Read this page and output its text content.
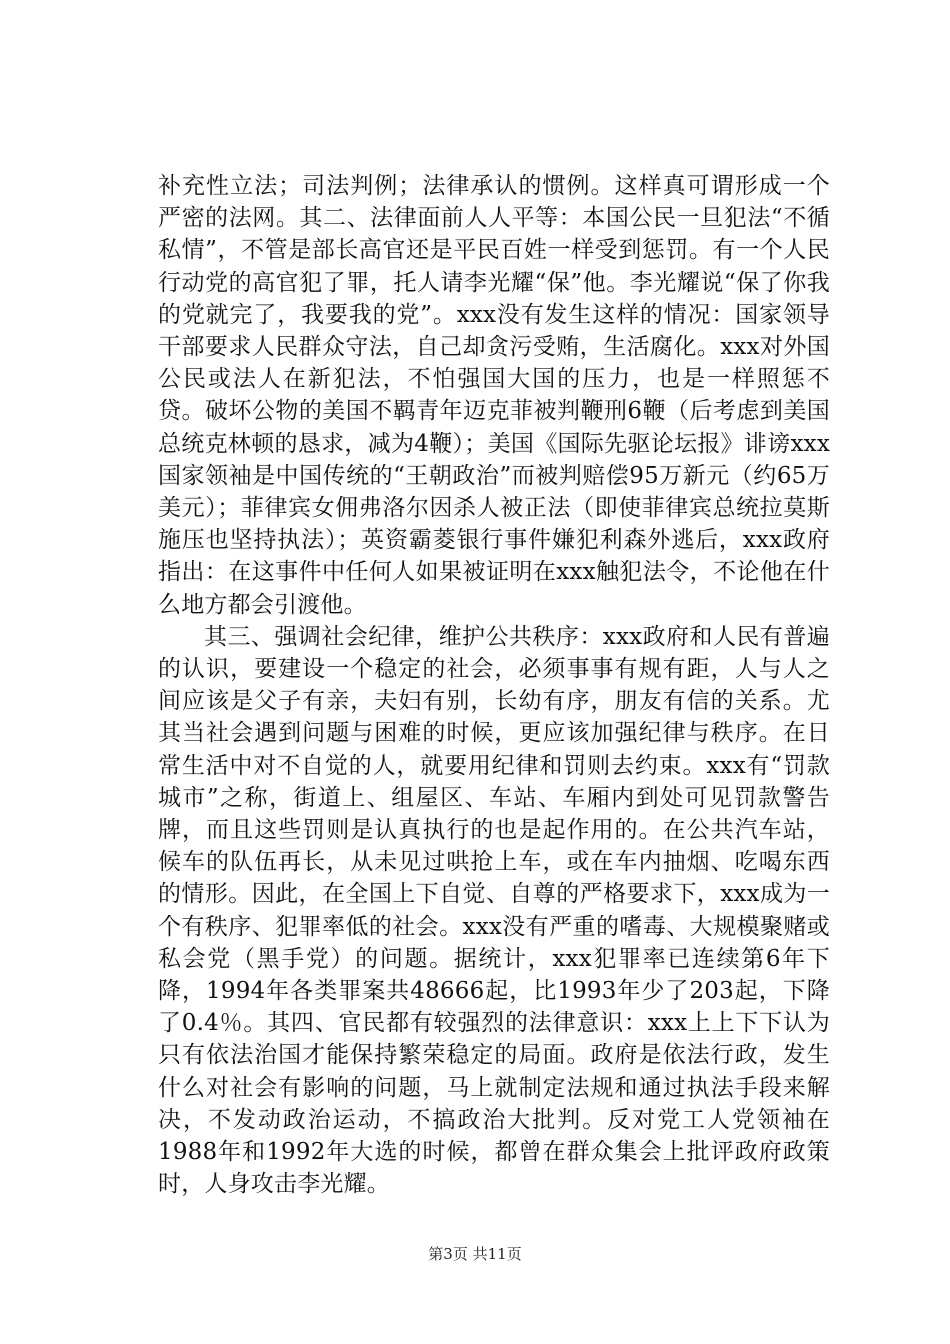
补充性立法；司法判例；法律承认的惯例。这样真可谓形成一个严密的法网。其二、法律面前人人平等：本国公民一旦犯法“不循私情”，不管是部长高官还是平民百姓一样受到惩罚。有一个人民行动党的高官犯了罪，托人请李光耀“保”他。李光耀说“保了你我的党就完了，我要我的党”。xxx没有发生这样的情况：国家领导干部要求人民群众守法，自己却贪污受贿，生活腐化。xxx对外国公民或法人在新犯法，不怕强国大国的压力，也是一样照惩不贷。破坏公物的美国不羁青年迈克菲被判鞭刑6鞭（后考虑到美国总统克林顿的恳求，减为4鞭）；美国《国际先驱论坛报》诽谤xxx国家领袖是中国传统的“王朝政治”而被判赔偿95万新元（约65万美元）；菲律宾女佣弗洛尔因杀人被正法（即使菲律宾总统拉莫斯施压也坚持执法）；英资霸菱银行事件嫌犯利森外逃后，xxx政府指出：在这事件中任何人如果被证明在xxx触犯法令，不论他在什么地方都会引渡他。

其三、强调社会纪律，维护公共秩序：xxx政府和人民有普遍的认识，要建设一个稳定的社会，必须事事有规有距，人与人之间应该是父子有亲，夫妇有别，长幼有序，朋友有信的关系。尤其当社会遇到问题与困难的时候，更应该加强纪律与秩序。在日常生活中对不自觉的人，就要用纪律和罚则去约束。xxx有“罚款城市”之称，街道上、组屋区、车站、车厢内到处可见罚款警告牌，而且这些罚则是认真执行的也是起作用的。在公共汽车站，候车的队伍再长，从未见过哄抢上车，或在车内抽烟、吃喝东西的情形。因此，在全国上下自觉、自尊的严格要求下，xxx成为一个有秩序、犯罪率低的社会。xxx没有严重的嗜毒、大规模聚赌或私会党（黑手党）的问题。据统计，xxx犯罪率已连续第6年下降，1994年各类罪案共48666起，比1993年少了203起，下降了0.4％。其四、官民都有较强烈的法律意识：xxx上上下下认为只有依法治国才能保持繁荣稳定的局面。政府是依法行政，发生什么对社会有影响的问题，马上就制定法规和通过执法手段来解决，不发动政治运动，不搞政治大批判。反对党工人党领袖在1988年和1992年大选的时候，都曾在群众集会上批评政府政策时，人身攻击李光耀。

第3页 共11页
